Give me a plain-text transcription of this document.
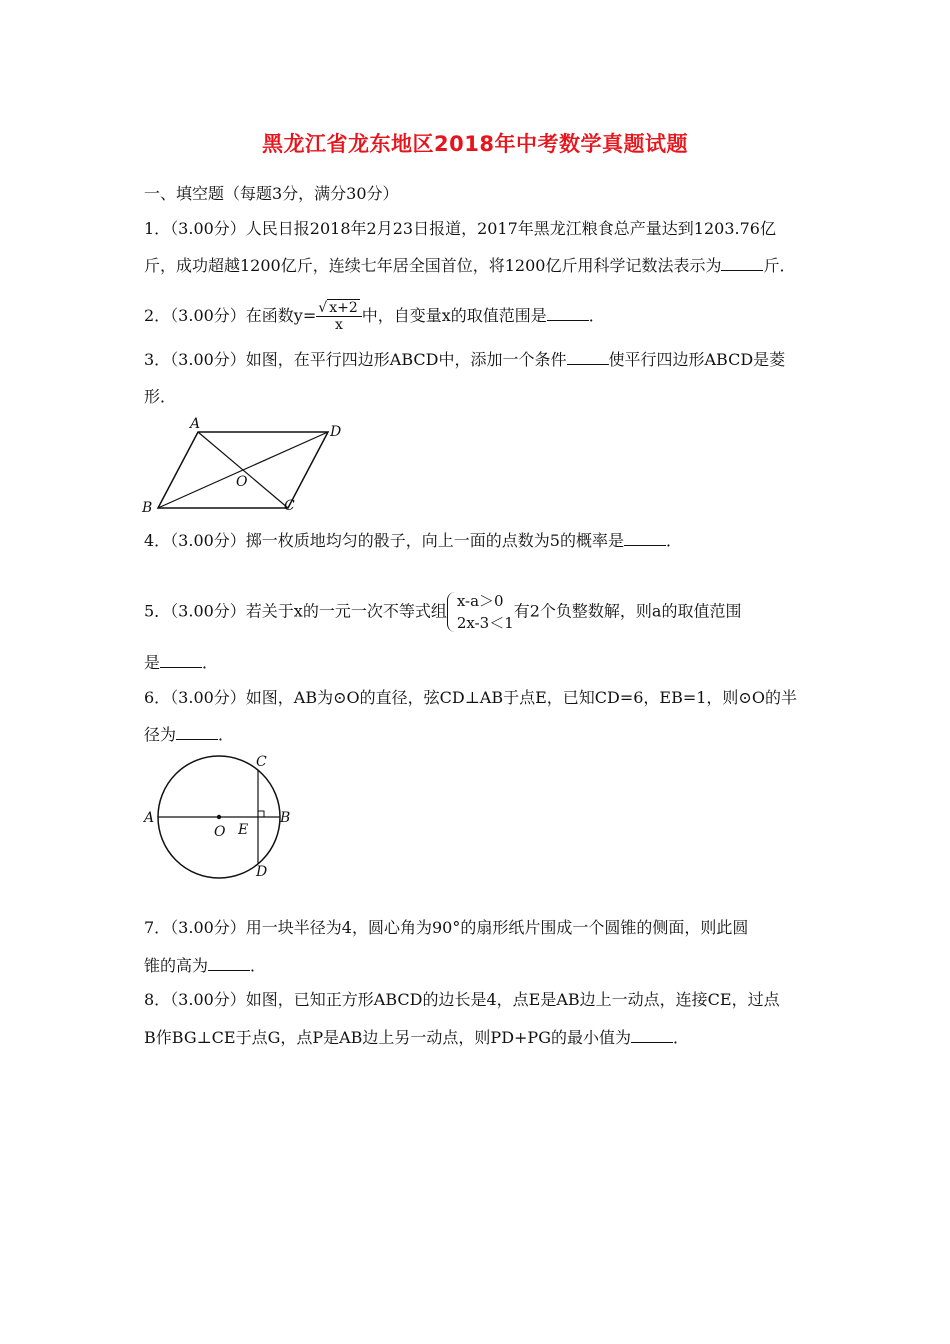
黑龙江省龙东地区2018年中考数学真题试题
一、填空题（每题3分，满分30分）
1．（3.00分）人民日报2018年2月23日报道，2017年黑龙江粮食总产量达到1203.76亿
斤，成功超越1200亿斤，连续七年居全国首位，将1200亿斤用科学记数法表示为	斤．
2．（3.00分）在函数$y= \frac{√ x+2}{x}$ 中，自变量x的取值范围是	．
3．（3.00分）如图，在平行四边形ABCD中，添加一个条件	使平行四边形ABCD是菱
形．
A	D
B	C
O
4．（3.00分）掷一枚质地均匀的骰子，向上一面的点数为5的概率是	．
5．（3.00分）若关于x的一元一次不等式组
x-a＞0
2x-3＜1
有2个负整数解，则a的取值范围
是	．
6．（3.00分）如图，AB为⊙O的直径，弦CD⊥AB于点E，已知CD=6，EB=1，则⊙O的半
径为	．
A	B
C
D
O E
7．（3.00分）用一块半径为4，圆心角为90°的扇形纸片围成一个圆锥的侧面，则此圆
锥的高为	．
8．（3.00分）如图，已知正方形ABCD的边长是4，点E是AB边上一动点，连接CE，过点
B作BG⊥CE于点G，点P是AB边上另一动点，则PD+PG的最小值为	．
